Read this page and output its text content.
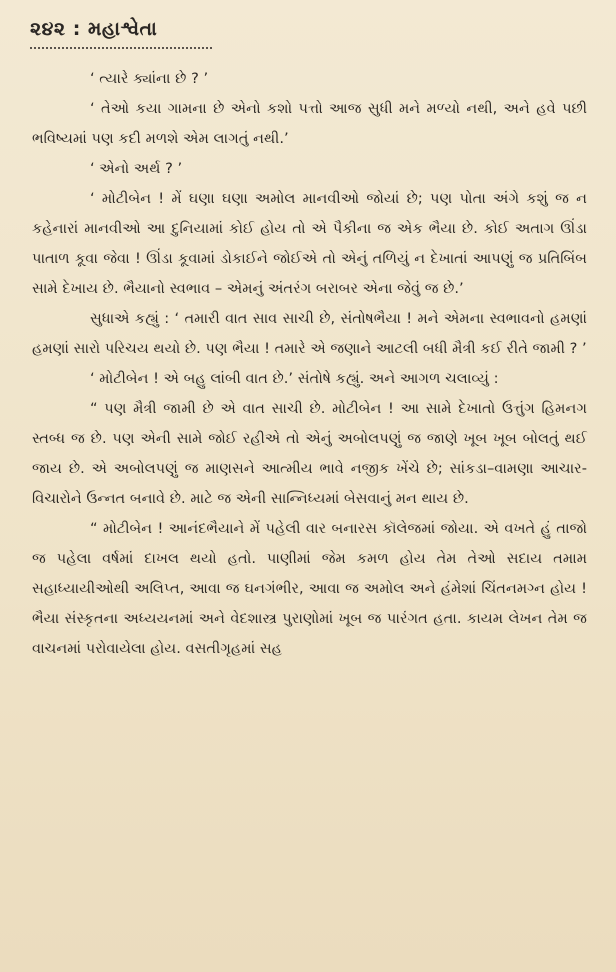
૨૪૨ : મહાશ્વેતા

‘ ત્યારે ક્યાંના છે ? ’

‘ તેઓ કયા ગામના છે એનો કશો પત્તો આજ સુધી મને મળ્યો નથી, અને હવે પછી ભવિષ્યમાં પણ કદી મળશે એમ લાગતું નથી.’

‘ એનો અર્થ ? ’

‘ મોટીબેન ! મેં ઘણા ઘણા અમોલ માનવીઓ જોયાં છે; પણ પોતા અંગે કશું જ ન કહેનારાં માનવીઓ આ દુનિયામાં કોઈ હોય તો એ પૈકીના જ એક ભૈયા છે. કોઈ અતાગ ઊંડા પાતાળ કૂવા જેવા ! ઊંડા કૂવામાં ડોકાઈને જોઈએ તો એનું તળિયું ન દેખાતાં આપણું જ પ્રતિબિંબ સામે દેખાય છે. ભૈયાનો સ્વભાવ – એમનું અંતરંગ બરાબર એના જેવું જ છે.’

સુધાએ કહ્યું : ‘ તમારી વાત સાવ સાચી છે, સંતોષભૈયા ! મને એમના સ્વભાવનો હમણાં હમણાં સારો પરિચય થયો છે. પણ ભૈયા ! તમારે એ જણાને આટલી બધી મૈત્રી કઈ રીતે જામી ? ’

‘ મોટીબેન ! એ બહુ લાંબી વાત છે.’ સંતોષે કહ્યું. અને આગળ ચલાવ્યું :

“ પણ મૈત્રી જામી છે એ વાત સાચી છે. મોટીબેન ! આ સામે દેખાતો ઉત્તુંગ હિમનગ સ્તબ્ધ જ છે. પણ એની સામે જોઈ રહીએ તો એનું અબોલપણું જ જાણે ખૂબ ખૂબ બોલતું થઈ જાય છે. એ અબોલપણું જ માણસને આત્મીય ભાવે નજીક ખેંચે છે; સાંકડા–વામણા આચાર-વિચારોને ઉન્નત બનાવે છે. માટે જ એની સાન્નિધ્યમાં બેસવાનું મન થાય છે.

“ મોટીબેન ! આનંદભૈયાને મેં પહેલી વાર બનારસ કૉલેજમાં જોયા. એ વખતે હું તાજો જ પહેલા વર્ષમાં દાખલ થયો હતો. પાણીમાં જેમ કમળ હોય તેમ તેઓ સદાય તમામ સહાધ્યાયીઓથી અલિપ્ત, આવા જ ઘનગંભીર, આવા જ અમોલ અને હંમેશાં ચિંતનમગ્ન હોય ! ભૈયા સંસ્કૃતના અધ્યયનમાં અને વેદશાસ્ત્ર પુરાણોમાં ખૂબ જ પારંગત હતા. કાયમ લેખન તેમ જ વાચનમાં પરોવાયેલા હોય. વસતીગૃહમાં સહ
